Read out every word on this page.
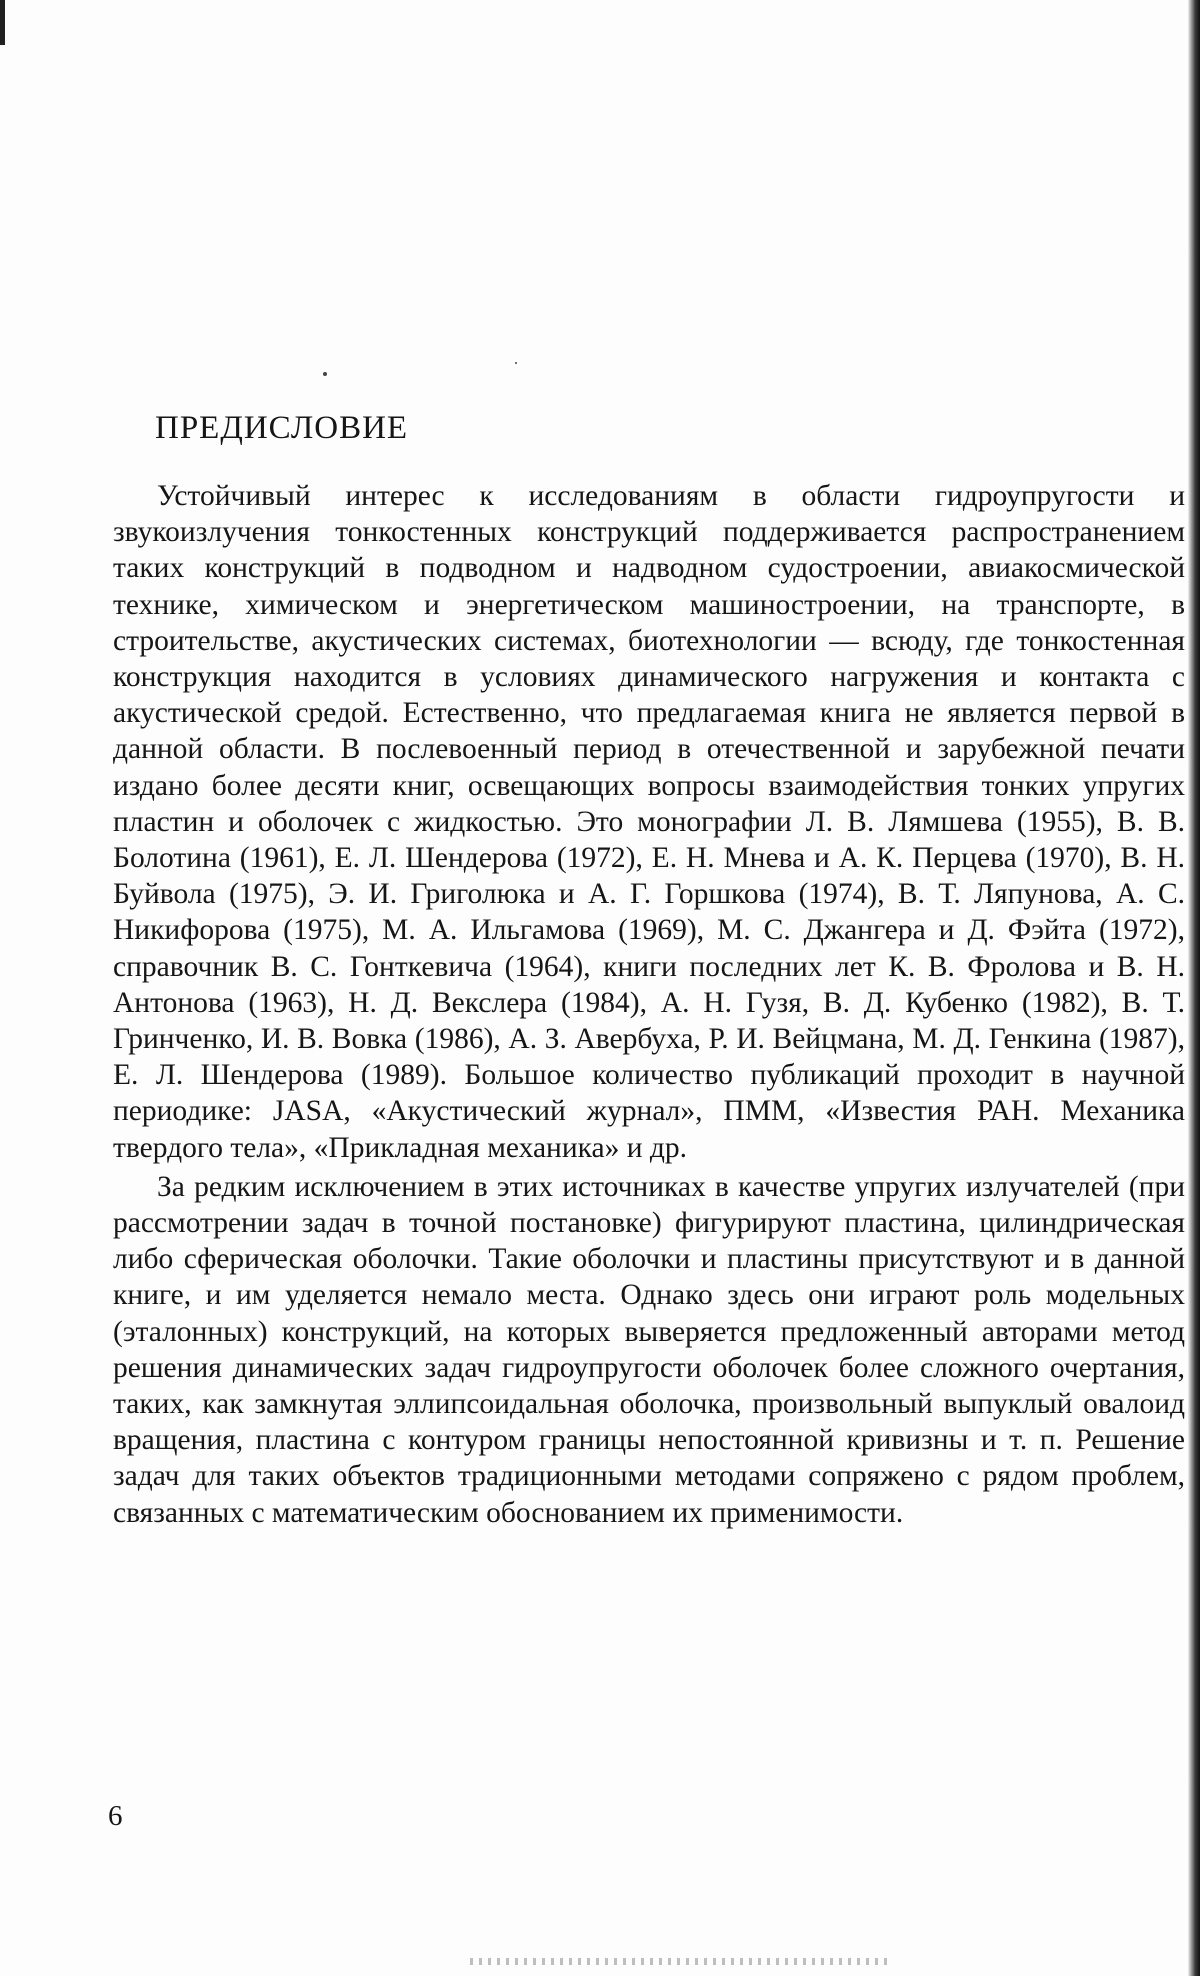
ПРЕДИСЛОВИЕ

Устойчивый интерес к исследованиям в области гидроупругости и звукоизлучения тонкостенных конструкций поддерживается распространением таких конструкций в подводном и надводном судостроении, авиакосмической технике, химическом и энергетическом машиностроении, на транспорте, в строительстве, акустических системах, биотехнологии — всюду, где тонкостенная конструкция находится в условиях динамического нагружения и контакта с акустической средой. Естественно, что предлагаемая книга не является первой в данной области. В послевоенный период в отечественной и зарубежной печати издано более десяти книг, освещающих вопросы взаимодействия тонких упругих пластин и оболочек с жидкостью. Это монографии Л. В. Лямшева (1955), В. В. Болотина (1961), Е. Л. Шендерова (1972), Е. Н. Мнева и А. К. Перцева (1970), В. Н. Буйвола (1975), Э. И. Григолюка и А. Г. Горшкова (1974), В. Т. Ляпунова, А. С. Никифорова (1975), М. А. Ильгамова (1969), М. С. Джангера и Д. Фэйта (1972), справочник В. С. Гонткевича (1964), книги последних лет К. В. Фролова и В. Н. Антонова (1963), Н. Д. Векслера (1984), А. Н. Гузя, В. Д. Кубенко (1982), В. Т. Гринченко, И. В. Вовка (1986), А. З. Авербуха, Р. И. Вейцмана, М. Д. Генкина (1987), Е. Л. Шендерова (1989). Большое количество публикаций проходит в научной периодике: JASA, «Акустический журнал», ПММ, «Известия РАН. Механика твердого тела», «Прикладная механика» и др.

За редким исключением в этих источниках в качестве упругих излучателей (при рассмотрении задач в точной постановке) фигурируют пластина, цилиндрическая либо сферическая оболочки. Такие оболочки и пластины присутствуют и в данной книге, и им уделяется немало места. Однако здесь они играют роль модельных (эталонных) конструкций, на которых выверяется предложенный авторами метод решения динамических задач гидроупругости оболочек более сложного очертания, таких, как замкнутая эллипсоидальная оболочка, произвольный выпуклый овалоид вращения, пластина с контуром границы непостоянной кривизны и т. п. Решение задач для таких объектов традиционными методами сопряжено с рядом проблем, связанных с математическим обоснованием их применимости.

6
